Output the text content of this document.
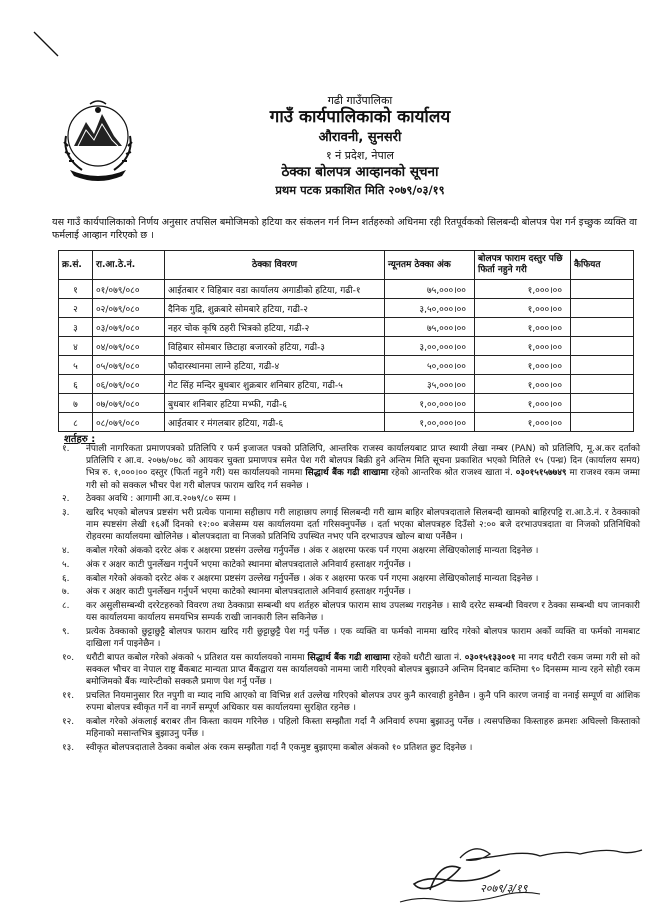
गढी गाउँपालिका
गाउँ कार्यपालिकाको कार्यालय
औरावनी, सुनसरी
१ नं प्रदेश, नेपाल
ठेक्का बोलपत्र आव्हानको सूचना
प्रथम पटक प्रकाशित मिति २०७९/०३/१९
यस गाउँ कार्यपालिकाको निर्णय अनुसार तपसिल बमोजिमको हटिया कर संकलन गर्न निम्न शर्तहरुको अधिनमा रही रितपूर्वकको सिलबन्दी बोलपत्र पेश गर्न इच्छुक व्यक्ति वा फर्मलाई आव्हान गरिएको छ ।
क्र.सं.	रा.आ.ठे.नं.	ठेक्का विवरण	न्यूनतम ठेक्का अंक	बोलपत्र फाराम दस्तुर पछि फिर्ता नहुने गरी	कैफियत
१	०१/०७९/०८०	आईतबार र विहिबार वडा कार्यालय अगाडीको हटिया, गढी-१	७५,०००।००	१,०००।००	
२	०२/०७९/०८०	दैनिक गुद्रि, शुक्रबारे सोमबारे हटिया, गढी-२	३,५०,०००।००	१,०००।००	
३	०३/०७९/०८०	नहर चोक कृषि ठहरी भित्रको हटिया, गढी-२	७५,०००।००	१,०००।००	
४	०४/०७९/०८०	विहिबार सोमबार छिटाहा बजारको हटिया, गढी-३	३,००,०००।००	१,०००।००	
५	०५/०७९/०८०	फौदारस्थानमा लाग्ने हटिया, गढी-४	५०,०००।००	१,०००।००	
६	०६/०७९/०८०	गेट सिंह मन्दिर बुधबार शुक्रबार शनिबार हटिया, गढी-५	३५,०००।००	१,०००।००	
७	०७/०७९/०८०	बुधबार शनिबार हटिया मभ्फी, गढी-६	१,००,०००।००	१,०००।००	
८	०८/०७९/०८०	आईतबार र मंगलबार हटिया, गढी-६	१,००,०००।००	१,०००।००	
शर्तहरु :
१. नेपाली नागरिकता प्रमाणपत्रको प्रतिलिपि र फर्म इजाजत पत्रको प्रतिलिपि, आन्तरिक राजस्व कार्यालयबाट प्राप्त स्थायी लेखा नम्बर (PAN) को प्रतिलिपि, मू.अ.कर दर्ताको प्रतिलिपि र आ.व. २०७७/०७८ को आयकर चुक्ता प्रमाणपत्र समेत पेश गरी बोलपत्र बिक्री हुने अन्तिम मिति सूचना प्रकाशित भएको मितिले १५ (पन्ध्र) दिन (कार्यालय समय) भित्र रु. १,०००।०० दस्तुर (फिर्ता नहुने गरी) यस कार्यालयको नाममा सिद्धार्थ बैंक गढी शाखामा रहेको आन्तरिक श्रोत राजश्व खाता नं. ०३०१५१५७७४९ मा राजश्व रकम जम्मा गरी सो को सक्कल भौचर पेश गरी बोलपत्र फाराम खरिद गर्न सक्नेछ ।
२. ठेक्का अवधि : आगामी आ.व.२०७९/८० सम्म ।
३. खरिद भएको बोलपत्र प्रष्टसंग भरी प्रत्येक पानामा सहीछाप गरी लाहाछाप लगाई सिलबन्दी गरी खाम बाहिर बोलपत्रदाताले सिलबन्दी खामको बाहिरपट्टि रा.आ.ठे.नं. र ठेक्काको नाम स्पष्टसंग लेखी १६औं दिनको १२:०० बजेसम्म यस कार्यालयमा दर्ता गरिसक्नुपर्नेछ । दर्ता भएका बोलपत्रहरु दिउँसो २:०० बजे दरभाउपत्रदाता वा निजको प्रतिनिधिको रोहवरमा कार्यालयमा खोलिनेछ । बोलपत्रदाता वा निजको प्रतिनिधि उपस्थित नभए पनि दरभाउपत्र खोल्न बाधा पर्नेछैन ।
४. कबोल गरेको अंकको दररेट अंक र अक्षरमा प्रष्टसंग उल्लेख गर्नुपर्नेछ । अंक र अक्षरमा फरक पर्न गएमा अक्षरमा लेखिएकोलाई मान्यता दिइनेछ ।
५. अंक र अक्षर काटी पुनर्लेखन गर्नुपर्ने भएमा काटेको स्थानमा बोलपत्रदाताले अनिवार्य हस्ताक्षर गर्नुपर्नेछ ।
६. कबोल गरेको अंकको दररेट अंक र अक्षरमा प्रष्टसंग उल्लेख गर्नुपर्नेछ । अंक र अक्षरमा फरक पर्न गएमा अक्षरमा लेखिएकोलाई मान्यता दिइनेछ ।
७. अंक र अक्षर काटी पुनर्लेखन गर्नुपर्ने भएमा काटेको स्थानमा बोलपत्रदाताले अनिवार्य हस्ताक्षर गर्नुपर्नेछ ।
८. कर असुलीसम्बन्धी दररेटहरुको विवरण तथा ठेक्काप्रा सम्बन्धी थप शर्तहरु बोलपत्र फाराम साथ उपलब्ध गराइनेछ । साथै दररेट सम्बन्धी विवरण र ठेक्का सम्बन्धी थप जानकारी यस कार्यालयमा कार्यालय समयभित्र सम्पर्क राखी जानकारी लिन सकिनेछ ।
९. प्रत्येक ठेक्काको छुट्टाछुट्टै बोलपत्र फाराम खरिद गरी छुट्टाछुट्टै पेश गर्नु पर्नेछ । एक व्यक्ति वा फर्मको नाममा खरिद गरेको बोलपत्र फाराम अर्को व्यक्ति वा फर्मको नामबाट दाखिला गर्न पाइनेछैन ।
१०. धरौटी बापत कबोल गरेको अंकको ५ प्रतिशत यस कार्यालयको नाममा सिद्धार्थ बैंक गढी शाखामा रहेको धरौटी खाता नं. ०३०१५१३३००१ मा नगद धरौटी रकम जम्मा गरी सो को सक्कल भौचर वा नेपाल राष्ट्र बैंकबाट मान्यता प्राप्त बैंकद्वारा यस कार्यालयको नाममा जारी गरिएको बोलपत्र बुझाउने अन्तिम दिनबाट कम्तिमा ९० दिनसम्म मान्य रहने सोही रकम बमोजिमको बैंक ग्यारेन्टीको सक्कलै प्रमाण पेश गर्नु पर्नेछ ।
११. प्रचलित नियमानुसार रित नपुगी वा म्याद नाघि आएको वा विभिन्न शर्त उल्लेख गरिएको बोलपत्र उपर कुनै कारवाही हुनेछैन । कुनै पनि कारण जनाई वा ननाई सम्पूर्ण वा आंशिक रुपमा बोलपत्र स्वीकृत गर्ने वा नगर्ने सम्पूर्ण अधिकार यस कार्यालयमा सुरक्षित रहनेछ ।
१२. कबोल गरेको अंकलाई बराबर तीन किस्ता कायम गरिनेछ । पहिलो किस्ता सम्झौता गर्दा नै अनिवार्य रुपमा बुझाउनु पर्नेछ । त्यसपछिका किस्ताहरु क्रमशः अघिल्लो किस्ताको महिनाको मसान्तभित्र बुझाउनु पर्नेछ ।
१३. स्वीकृत बोलपत्रदाताले ठेक्का कबोल अंक रकम सम्झौता गर्दा नै एकमुष्ट बुझाएमा कबोल अंकको १० प्रतिशत छुट दिइनेछ ।
२०७९/३/१९
